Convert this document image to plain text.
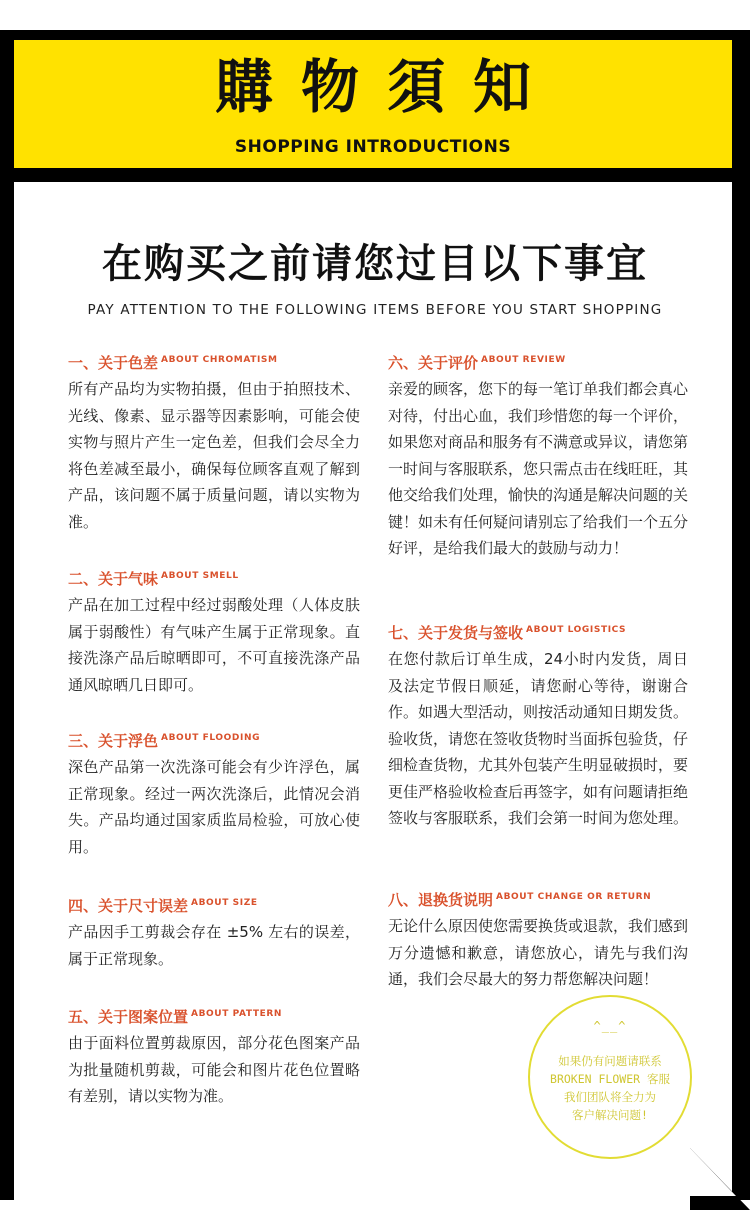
購物須知
SHOPPING INTRODUCTIONS
在购买之前请您过目以下事宜
PAY ATTENTION TO THE FOLLOWING ITEMS BEFORE YOU START SHOPPING
一、关于色差 $^{ABOUT CHROMATISM}$
所有产品均为实物拍摄，但由于拍照技术、光线、像素、显示器等因素影响，可能会使实物与照片产生一定色差，但我们会尽全力将色差减至最小，确保每位顾客直观了解到产品，该问题不属于质量问题，请以实物为准。
二、关于气味 $^{ABOUT SMELL}$
产品在加工过程中经过弱酸处理（人体皮肤属于弱酸性）有气味产生属于正常现象。直接洗涤产品后晾晒即可，不可直接洗涤产品通风晾晒几日即可。
三、关于浮色 $^{ABOUT FLOODING}$
深色产品第一次洗涤可能会有少许浮色，属正常现象。经过一两次洗涤后，此情况会消失。产品均通过国家质监局检验，可放心使用。
四、关于尺寸误差 $^{ABOUT SIZE}$
产品因手工剪裁会存在 ±5% 左右的误差，属于正常现象。
五、关于图案位置 $^{ABOUT PATTERN}$
由于面料位置剪裁原因，部分花色图案产品为批量随机剪裁，可能会和图片花色位置略有差别，请以实物为准。
六、关于评价 $^{ABOUT REVIEW}$
亲爱的顾客，您下的每一笔订单我们都会真心对待，付出心血，我们珍惜您的每一个评价，如果您对商品和服务有不满意或异议，请您第一时间与客服联系，您只需点击在线旺旺，其他交给我们处理，愉快的沟通是解决问题的关键！如未有任何疑问请别忘了给我们一个五分好评，是给我们最大的鼓励与动力！
七、关于发货与签收 $^{ABOUT LOGISTICS}$
在您付款后订单生成，24小时内发货，周日及法定节假日顺延，请您耐心等待，谢谢合作。如遇大型活动，则按活动通知日期发货。验收货，请您在签收货物时当面拆包验货，仔细检查货物，尤其外包装产生明显破损时，要更佳严格验收检查后再签字，如有问题请拒绝签收与客服联系，我们会第一时间为您处理。
八、退换货说明 $^{ABOUT CHANGE OR RETURN}$
无论什么原因使您需要换货或退款，我们感到万分遗憾和歉意，请您放心，请先与我们沟通，我们会尽最大的努力帮您解决问题！
^__^
如果仍有问题请联系
BROKEN FLOWER 客服
我们团队将全力为
客户解决问题!
